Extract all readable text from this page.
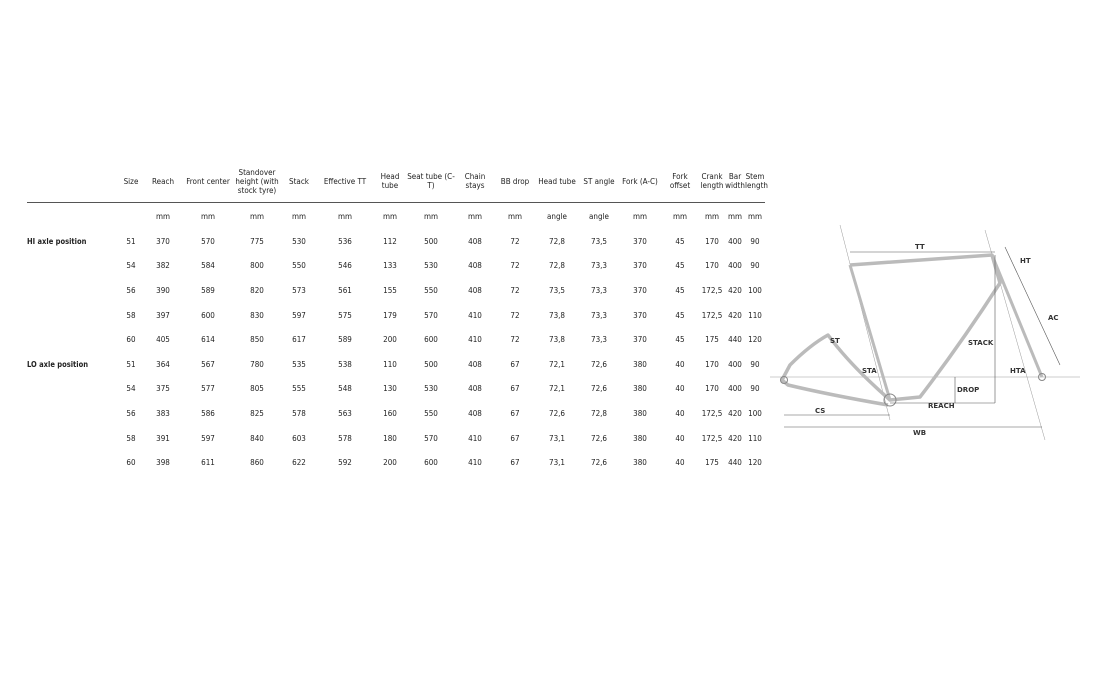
	Size	Reach	Front center	Standover height (with stock tyre)	Stack	Effective TT	Head tube	Seat tube (C-T)	Chain stays	BB drop	Head tube	ST angle	Fork (A-C)	Fork offset	Crank length	Bar width	Stem length
		mm	mm	mm	mm	mm	mm	mm	mm	mm	angle	angle	mm	mm	mm	mm	mm
HI axle position	51	370	570	775	530	536	112	500	408	72	72,8	73,5	370	45	170	400	90
	54	382	584	800	550	546	133	530	408	72	72,8	73,3	370	45	170	400	90
	56	390	589	820	573	561	155	550	408	72	73,5	73,3	370	45	172,5	420	100
	58	397	600	830	597	575	179	570	410	72	73,8	73,3	370	45	172,5	420	110
	60	405	614	850	617	589	200	600	410	72	73,8	73,3	370	45	175	440	120
LO axle position	51	364	567	780	535	538	110	500	408	67	72,1	72,6	380	40	170	400	90
	54	375	577	805	555	548	130	530	408	67	72,1	72,6	380	40	170	400	90
	56	383	586	825	578	563	160	550	408	67	72,6	72,8	380	40	172,5	420	100
	58	391	597	840	603	578	180	570	410	67	73,1	72,6	380	40	172,5	420	110
	60	398	611	860	622	592	200	600	410	67	73,1	72,6	380	40	175	440	120
TT
HT
AC
ST	STACK
STA	HTA
DROP
REACH
CS
WB
